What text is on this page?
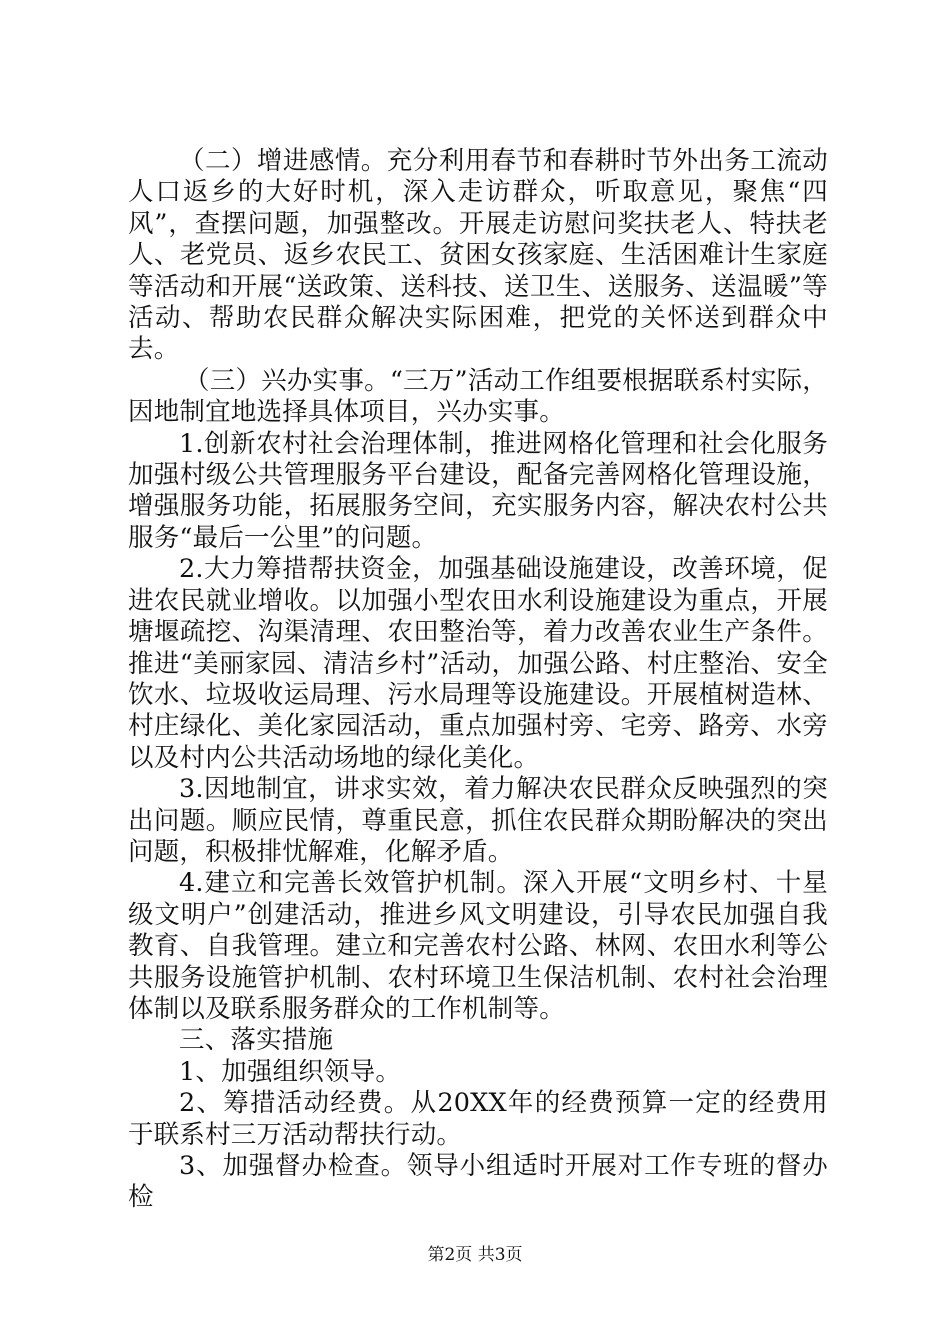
（二）增进感情。充分利用春节和春耕时节外出务工流动人口返乡的大好时机，深入走访群众，听取意见，聚焦“四风”，查摆问题，加强整改。开展走访慰问奖扶老人、特扶老人、老党员、返乡农民工、贫困女孩家庭、生活困难计生家庭等活动和开展“送政策、送科技、送卫生、送服务、送温暖”等活动、帮助农民群众解决实际困难，把党的关怀送到群众中去。

（三）兴办实事。“三万”活动工作组要根据联系村实际，因地制宜地选择具体项目，兴办实事。

1.创新农村社会治理体制，推进网格化管理和社会化服务加强村级公共管理服务平台建设，配备完善网格化管理设施，增强服务功能，拓展服务空间，充实服务内容，解决农村公共服务“最后一公里”的问题。

2.大力筹措帮扶资金，加强基础设施建设，改善环境，促进农民就业增收。以加强小型农田水利设施建设为重点，开展塘堰疏挖、沟渠清理、农田整治等，着力改善农业生产条件。推进“美丽家园、清洁乡村”活动，加强公路、村庄整治、安全饮水、垃圾收运局理、污水局理等设施建设。开展植树造林、村庄绿化、美化家园活动，重点加强村旁、宅旁、路旁、水旁以及村内公共活动场地的绿化美化。

3.因地制宜，讲求实效，着力解决农民群众反映强烈的突出问题。顺应民情，尊重民意，抓住农民群众期盼解决的突出问题，积极排忧解难，化解矛盾。

4.建立和完善长效管护机制。深入开展“文明乡村、十星级文明户”创建活动，推进乡风文明建设，引导农民加强自我教育、自我管理。建立和完善农村公路、林网、农田水利等公共服务设施管护机制、农村环境卫生保洁机制、农村社会治理体制以及联系服务群众的工作机制等。

三、落实措施

1、加强组织领导。

2、筹措活动经费。从20XX年的经费预算一定的经费用于联系村三万活动帮扶行动。

3、加强督办检查。领导小组适时开展对工作专班的督办检

第2页 共3页
